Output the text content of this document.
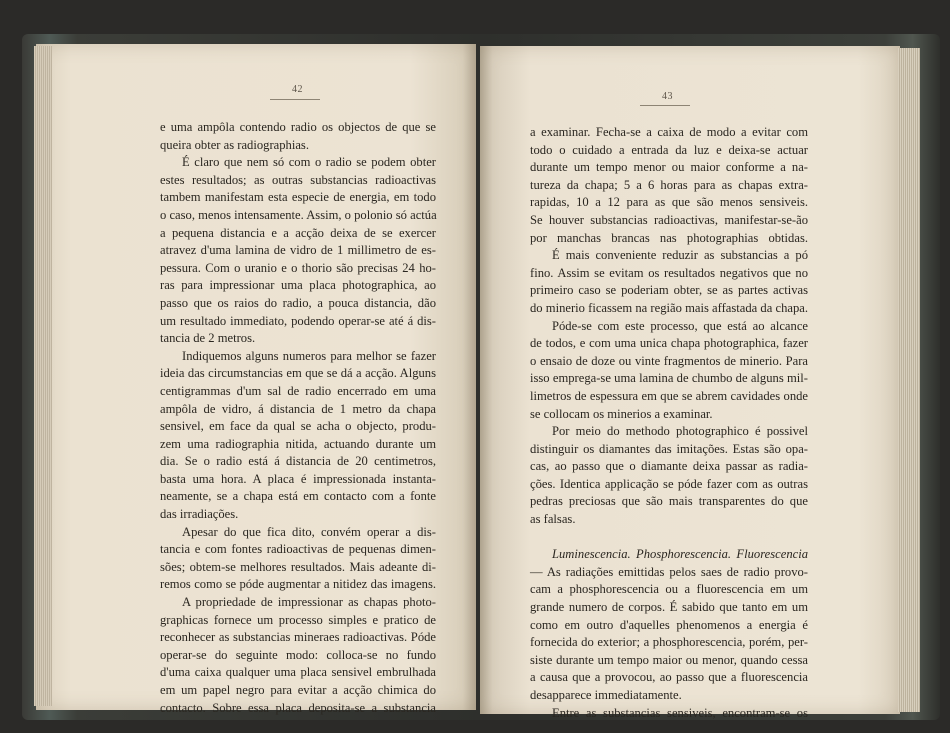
42
43
e uma ampôla contendo radio os objectos de que se
queira obter as radiographias.
É claro que nem só com o radio se podem obter
estes resultados; as outras substancias radioactivas
tambem manifestam esta especie de energia, em todo
o caso, menos intensamente. Assim, o polonio só actúa
a pequena distancia e a acção deixa de se exercer
atravez d'uma lamina de vidro de 1 millimetro de es-
pessura. Com o uranio e o thorio são precisas 24 ho-
ras para impressionar uma placa photographica, ao
passo que os raios do radio, a pouca distancia, dão
um resultado immediato, podendo operar-se até á dis-
tancia de 2 metros.
Indiquemos alguns numeros para melhor se fazer
ideia das circumstancias em que se dá a acção. Alguns
centigrammas d'um sal de radio encerrado em uma
ampôla de vidro, á distancia de 1 metro da chapa
sensivel, em face da qual se acha o objecto, produ-
zem uma radiographia nitida, actuando durante um
dia. Se o radio está á distancia de 20 centimetros,
basta uma hora. A placa é impressionada instanta-
neamente, se a chapa está em contacto com a fonte
das irradiações.
Apesar do que fica dito, convém operar a dis-
tancia e com fontes radioactivas de pequenas dimen-
sões; obtem-se melhores resultados. Mais adeante di-
remos como se póde augmentar a nitidez das imagens.
A propriedade de impressionar as chapas photo-
graphicas fornece um processo simples e pratico de
reconhecer as substancias mineraes radioactivas. Póde
operar-se do seguinte modo: colloca-se no fundo
d'uma caixa qualquer uma placa sensivel embrulhada
em um papel negro para evitar a acção chimica do
contacto. Sobre essa placa deposita-se a substancia
a examinar. Fecha-se a caixa de modo a evitar com
todo o cuidado a entrada da luz e deixa-se actuar
durante um tempo menor ou maior conforme a na-
tureza da chapa; 5 a 6 horas para as chapas extra-
rapidas, 10 a 12 para as que são menos sensiveis.
Se houver substancias radioactivas, manifestar-se-ão
por manchas brancas nas photographias obtidas.
É mais conveniente reduzir as substancias a pó
fino. Assim se evitam os resultados negativos que no
primeiro caso se poderiam obter, se as partes activas
do minerio ficassem na região mais affastada da chapa.
Póde-se com este processo, que está ao alcance
de todos, e com uma unica chapa photographica, fazer
o ensaio de doze ou vinte fragmentos de minerio. Para
isso emprega-se uma lamina de chumbo de alguns mil-
limetros de espessura em que se abrem cavidades onde
se collocam os minerios a examinar.
Por meio do methodo photographico é possivel
distinguir os diamantes das imitações. Estas são opa-
cas, ao passo que o diamante deixa passar as radia-
ções. Identica applicação se póde fazer com as outras
pedras preciosas que são mais transparentes do que
as falsas.
Luminescencia. Phosphorescencia. Fluorescencia
— As radiações emittidas pelos saes de radio provo-
cam a phosphorescencia ou a fluorescencia em um
grande numero de corpos. É sabido que tanto em um
como em outro d'aquelles phenomenos a energia é
fornecida do exterior; a phosphorescencia, porém, per-
siste durante um tempo maior ou menor, quando cessa
a causa que a provocou, ao passo que a fluorescencia
desapparece immediatamente.
Entre as substancias sensiveis, encontram-se os
